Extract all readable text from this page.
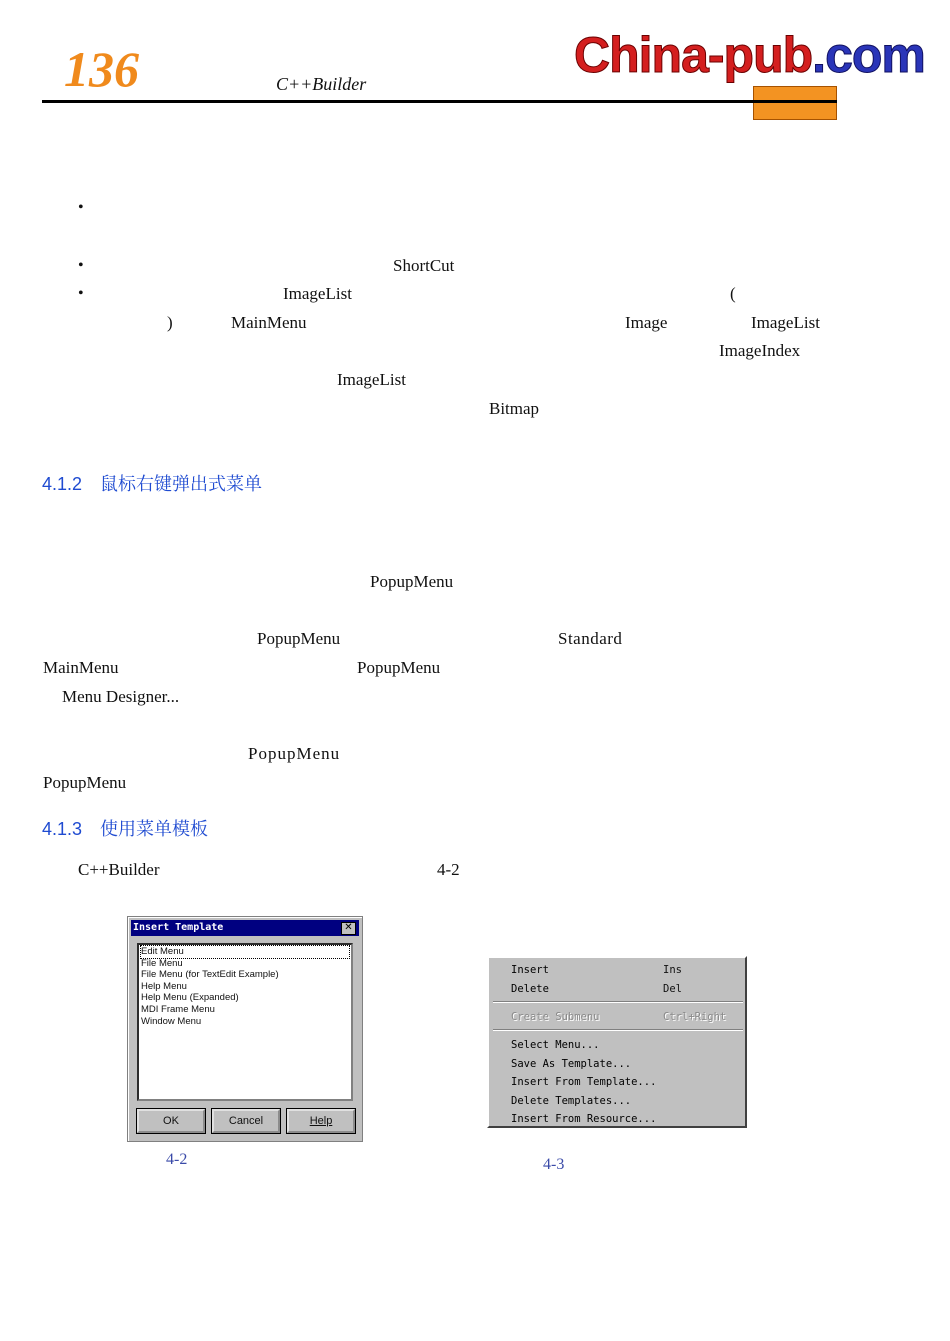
136	C++Builder
China-pub.com
•
•
•
ShortCut
ImageList	(
)	MainMenu	Image	ImageList
ImageIndex
ImageList
Bitmap
4.1.2　鼠标右键弹出式菜单
PopupMenu
PopupMenu	Standard
MainMenu	PopupMenu
Menu Designer...
PopupMenu
PopupMenu
4.1.3　使用菜单模板
C++Builder	4-2
Insert Template	✕
Edit Menu
File Menu
File Menu (for TextEdit Example)
Help Menu
Help Menu (Expanded)
MDI Frame Menu
Window Menu
OK	Cancel	Help
4-2
Insert	Ins
Delete	Del
Create Submenu	Ctrl+Right
Select Menu...
Save As Template...
Insert From Template...
Delete Templates...
Insert From Resource...
4-3
